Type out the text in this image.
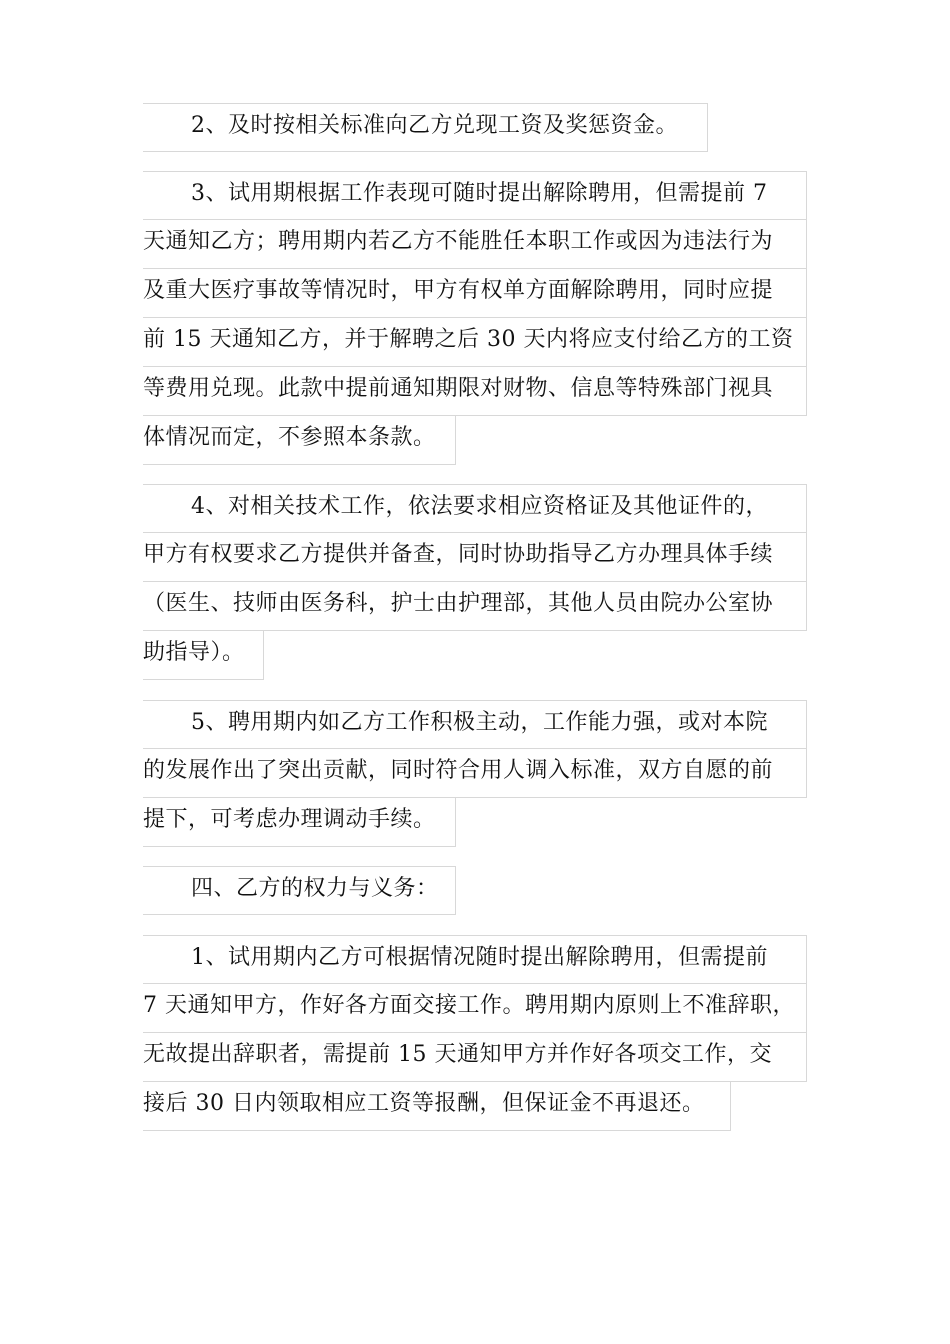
2、及时按相关标准向乙方兑现工资及奖惩资金。
3、试用期根据工作表现可随时提出解除聘用，但需提前 7
天通知乙方；聘用期内若乙方不能胜任本职工作或因为违法行为
及重大医疗事故等情况时，甲方有权单方面解除聘用，同时应提
前 15 天通知乙方，并于解聘之后 30 天内将应支付给乙方的工资
等费用兑现。此款中提前通知期限对财物、信息等特殊部门视具
体情况而定，不参照本条款。
4、对相关技术工作，依法要求相应资格证及其他证件的，
甲方有权要求乙方提供并备查，同时协助指导乙方办理具体手续
（医生、技师由医务科，护士由护理部，其他人员由院办公室协
助指导）。
5、聘用期内如乙方工作积极主动，工作能力强，或对本院
的发展作出了突出贡献，同时符合用人调入标准，双方自愿的前
提下，可考虑办理调动手续。
四、乙方的权力与义务：
1、试用期内乙方可根据情况随时提出解除聘用，但需提前
7 天通知甲方，作好各方面交接工作。聘用期内原则上不准辞职，
无故提出辞职者，需提前 15 天通知甲方并作好各项交工作，交
接后 30 日内领取相应工资等报酬，但保证金不再退还。
